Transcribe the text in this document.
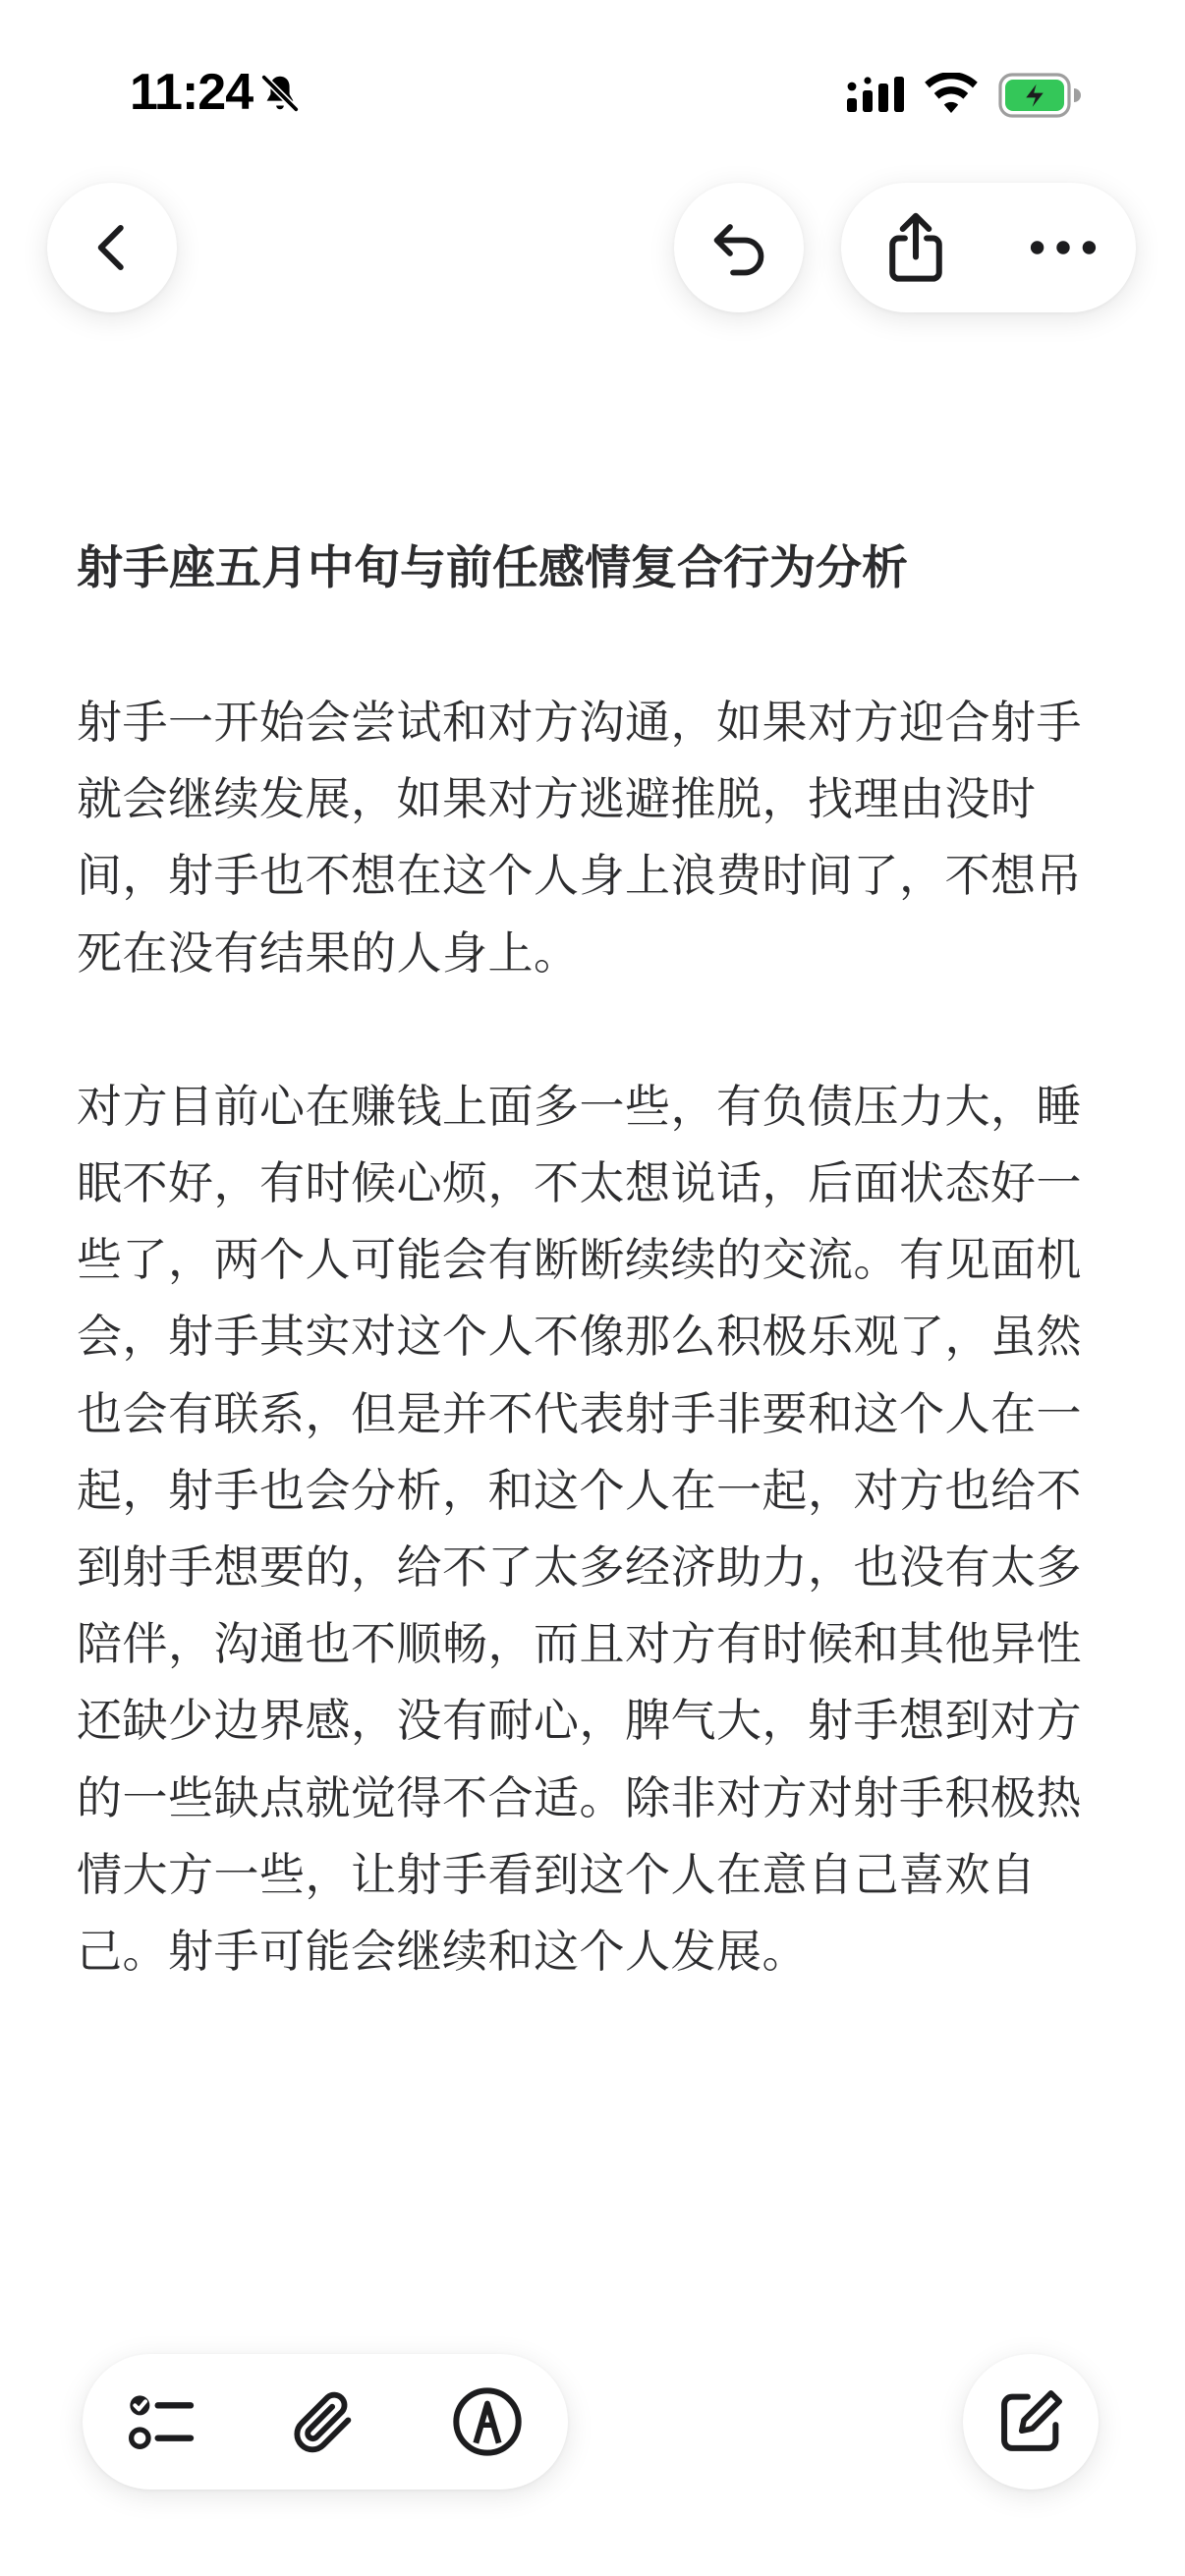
11:24
射手座五月中旬与前任感情复合行为分析

射手一开始会尝试和对方沟通，如果对方迎合射手就会继续发展，如果对方逃避推脱，找理由没时间，射手也不想在这个人身上浪费时间了，不想吊死在没有结果的人身上。

对方目前心在赚钱上面多一些，有负债压力大，睡眠不好，有时候心烦，不太想说话，后面状态好一些了，两个人可能会有断断续续的交流。有见面机会，射手其实对这个人不像那么积极乐观了，虽然也会有联系，但是并不代表射手非要和这个人在一起，射手也会分析，和这个人在一起，对方也给不到射手想要的，给不了太多经济助力，也没有太多陪伴，沟通也不顺畅，而且对方有时候和其他异性还缺少边界感，没有耐心，脾气大，射手想到对方的一些缺点就觉得不合适。除非对方对射手积极热情大方一些，让射手看到这个人在意自己喜欢自己。射手可能会继续和这个人发展。
